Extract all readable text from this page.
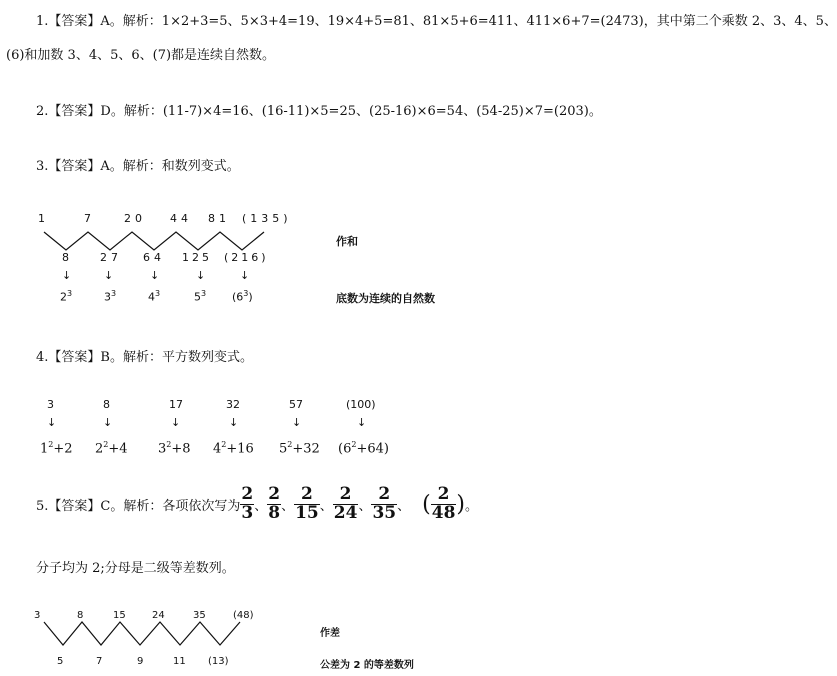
1.【答案】A。解析：1×2+3=5、5×3+4=19、19×4+5=81、81×5+6=411、411×6+7=(2473)，其中第二个乘数 2、3、4、5、
(6)和加数 3、4、5、6、(7)都是连续自然数。
2.【答案】D。解析：(11-7)×4=16、(16-11)×5=25、(25-16)×6=54、(54-25)×7=(203)。
3.【答案】A。解析：和数列变式。
1	7	20 44 81 (135)
8	27 64 125 (216)
↓	↓	↓	↓	↓
$2^3$	$3^3$	$4^3$	$5^3$ $(6^3)$
作和
底数为连续的自然数
4.【答案】B。解析：平方数列变式。
3	8	17	32	57	(100)
↓	↓	↓	↓	↓	↓
$1^2+2$ $2^2+4$ $3^2+8$ $4^2+16$ $5^2+32$ $(6^2+64)$
5.【答案】C。解析：各项依次写为 $\frac{2}{3}$ 、 $\frac{2}{8}$ 、 $\frac{2}{15}$ 、 $\frac{2}{24}$ 、 $\frac{2}{35}$ 、 ( $\frac{2}{48}$ ) 。
分子均为 2;分母是二级等差数列。
3	8	15	24	35	(48)
5	7	9	11 (13)
作差
公差为 2 的等差数列
